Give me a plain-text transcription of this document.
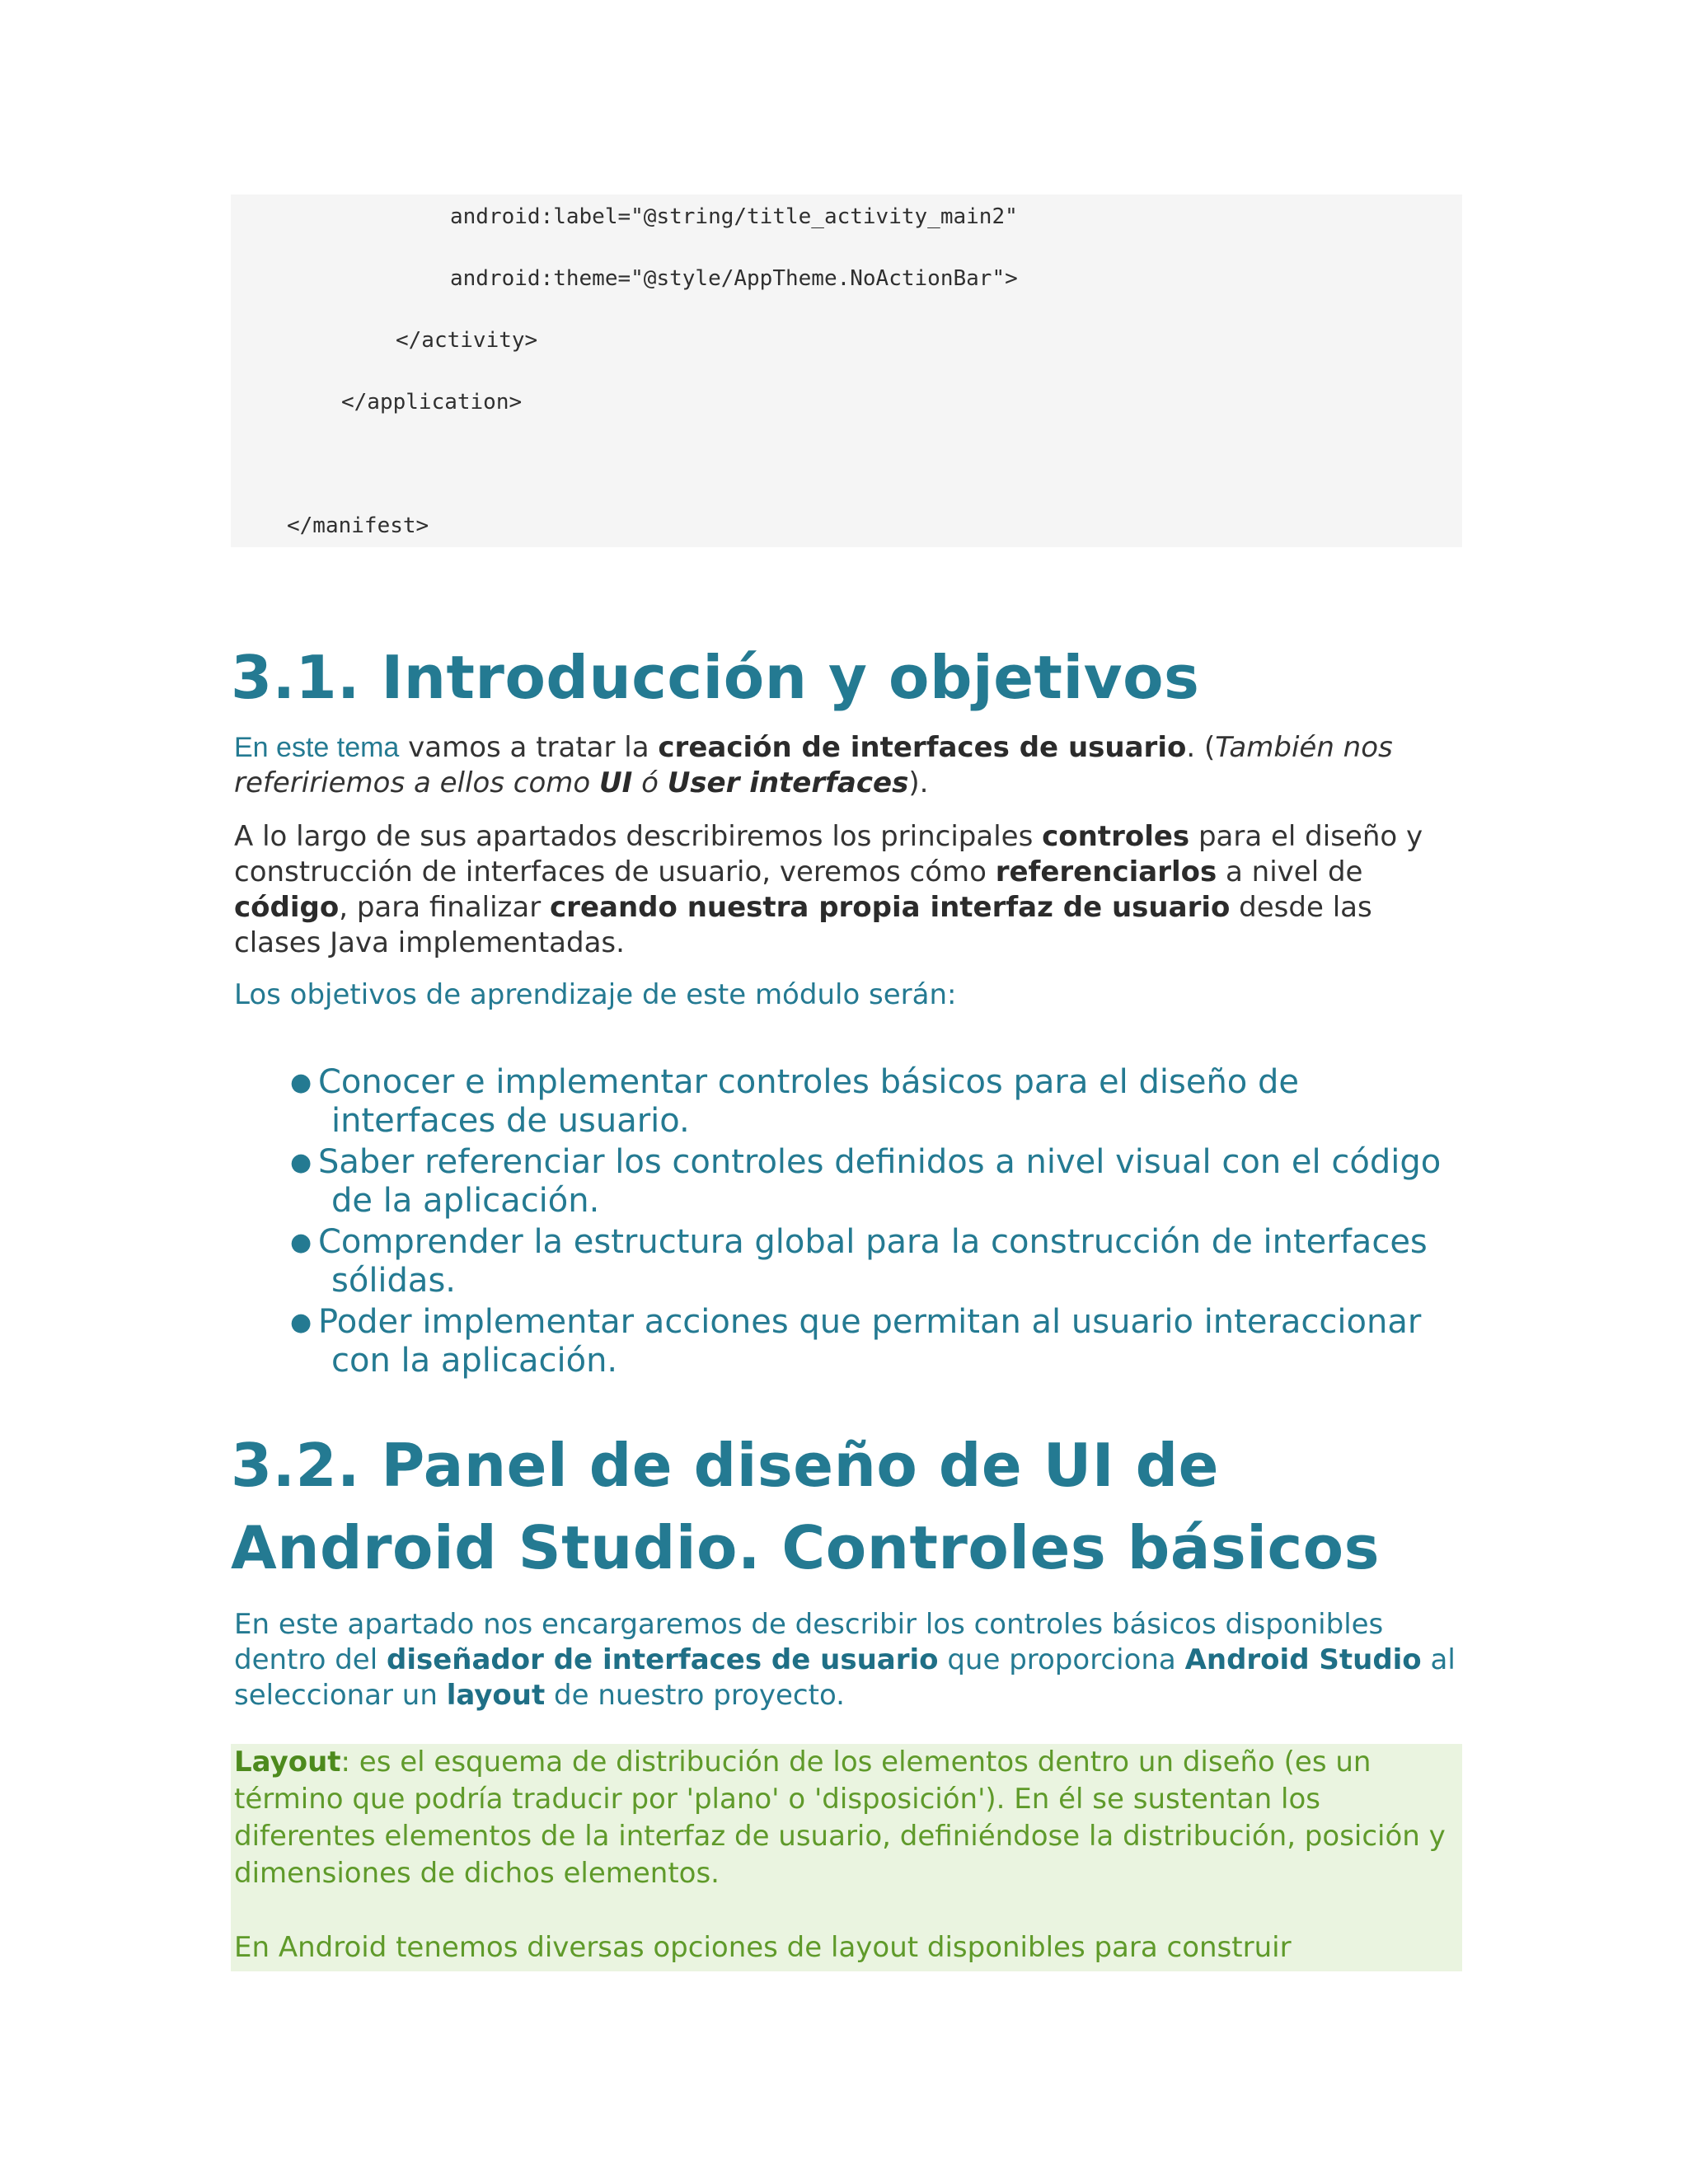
android:label="@string/title_activity_main2"
android:theme="@style/AppTheme.NoActionBar">
</activity>
</application>
</manifest>
3.1. Introducción y objetivos
En este tema vamos a tratar la creación de interfaces de usuario. (También nos refeririemos a ellos como UI ó User interfaces).
A lo largo de sus apartados describiremos los principales controles para el diseño y construcción de interfaces de usuario, veremos cómo referenciarlos a nivel de código, para finalizar creando nuestra propia interfaz de usuario desde las clases Java implementadas.
Los objetivos de aprendizaje de este módulo serán:
● Conocer e implementar controles básicos para el diseño de interfaces de usuario.
● Saber referenciar los controles definidos a nivel visual con el código de la aplicación.
● Comprender la estructura global para la construcción de interfaces sólidas.
● Poder implementar acciones que permitan al usuario interaccionar con la aplicación.
3.2. Panel de diseño de UI de
Android Studio. Controles básicos
En este apartado nos encargaremos de describir los controles básicos disponibles dentro del diseñador de interfaces de usuario que proporciona Android Studio al seleccionar un layout de nuestro proyecto.

Layout: es el esquema de distribución de los elementos dentro un diseño (es un término que podría traducir por 'plano' o 'disposición'). En él se sustentan los diferentes elementos de la interfaz de usuario, definiéndose la distribución, posición y dimensiones de dichos elementos.

En Android tenemos diversas opciones de layout disponibles para construir
